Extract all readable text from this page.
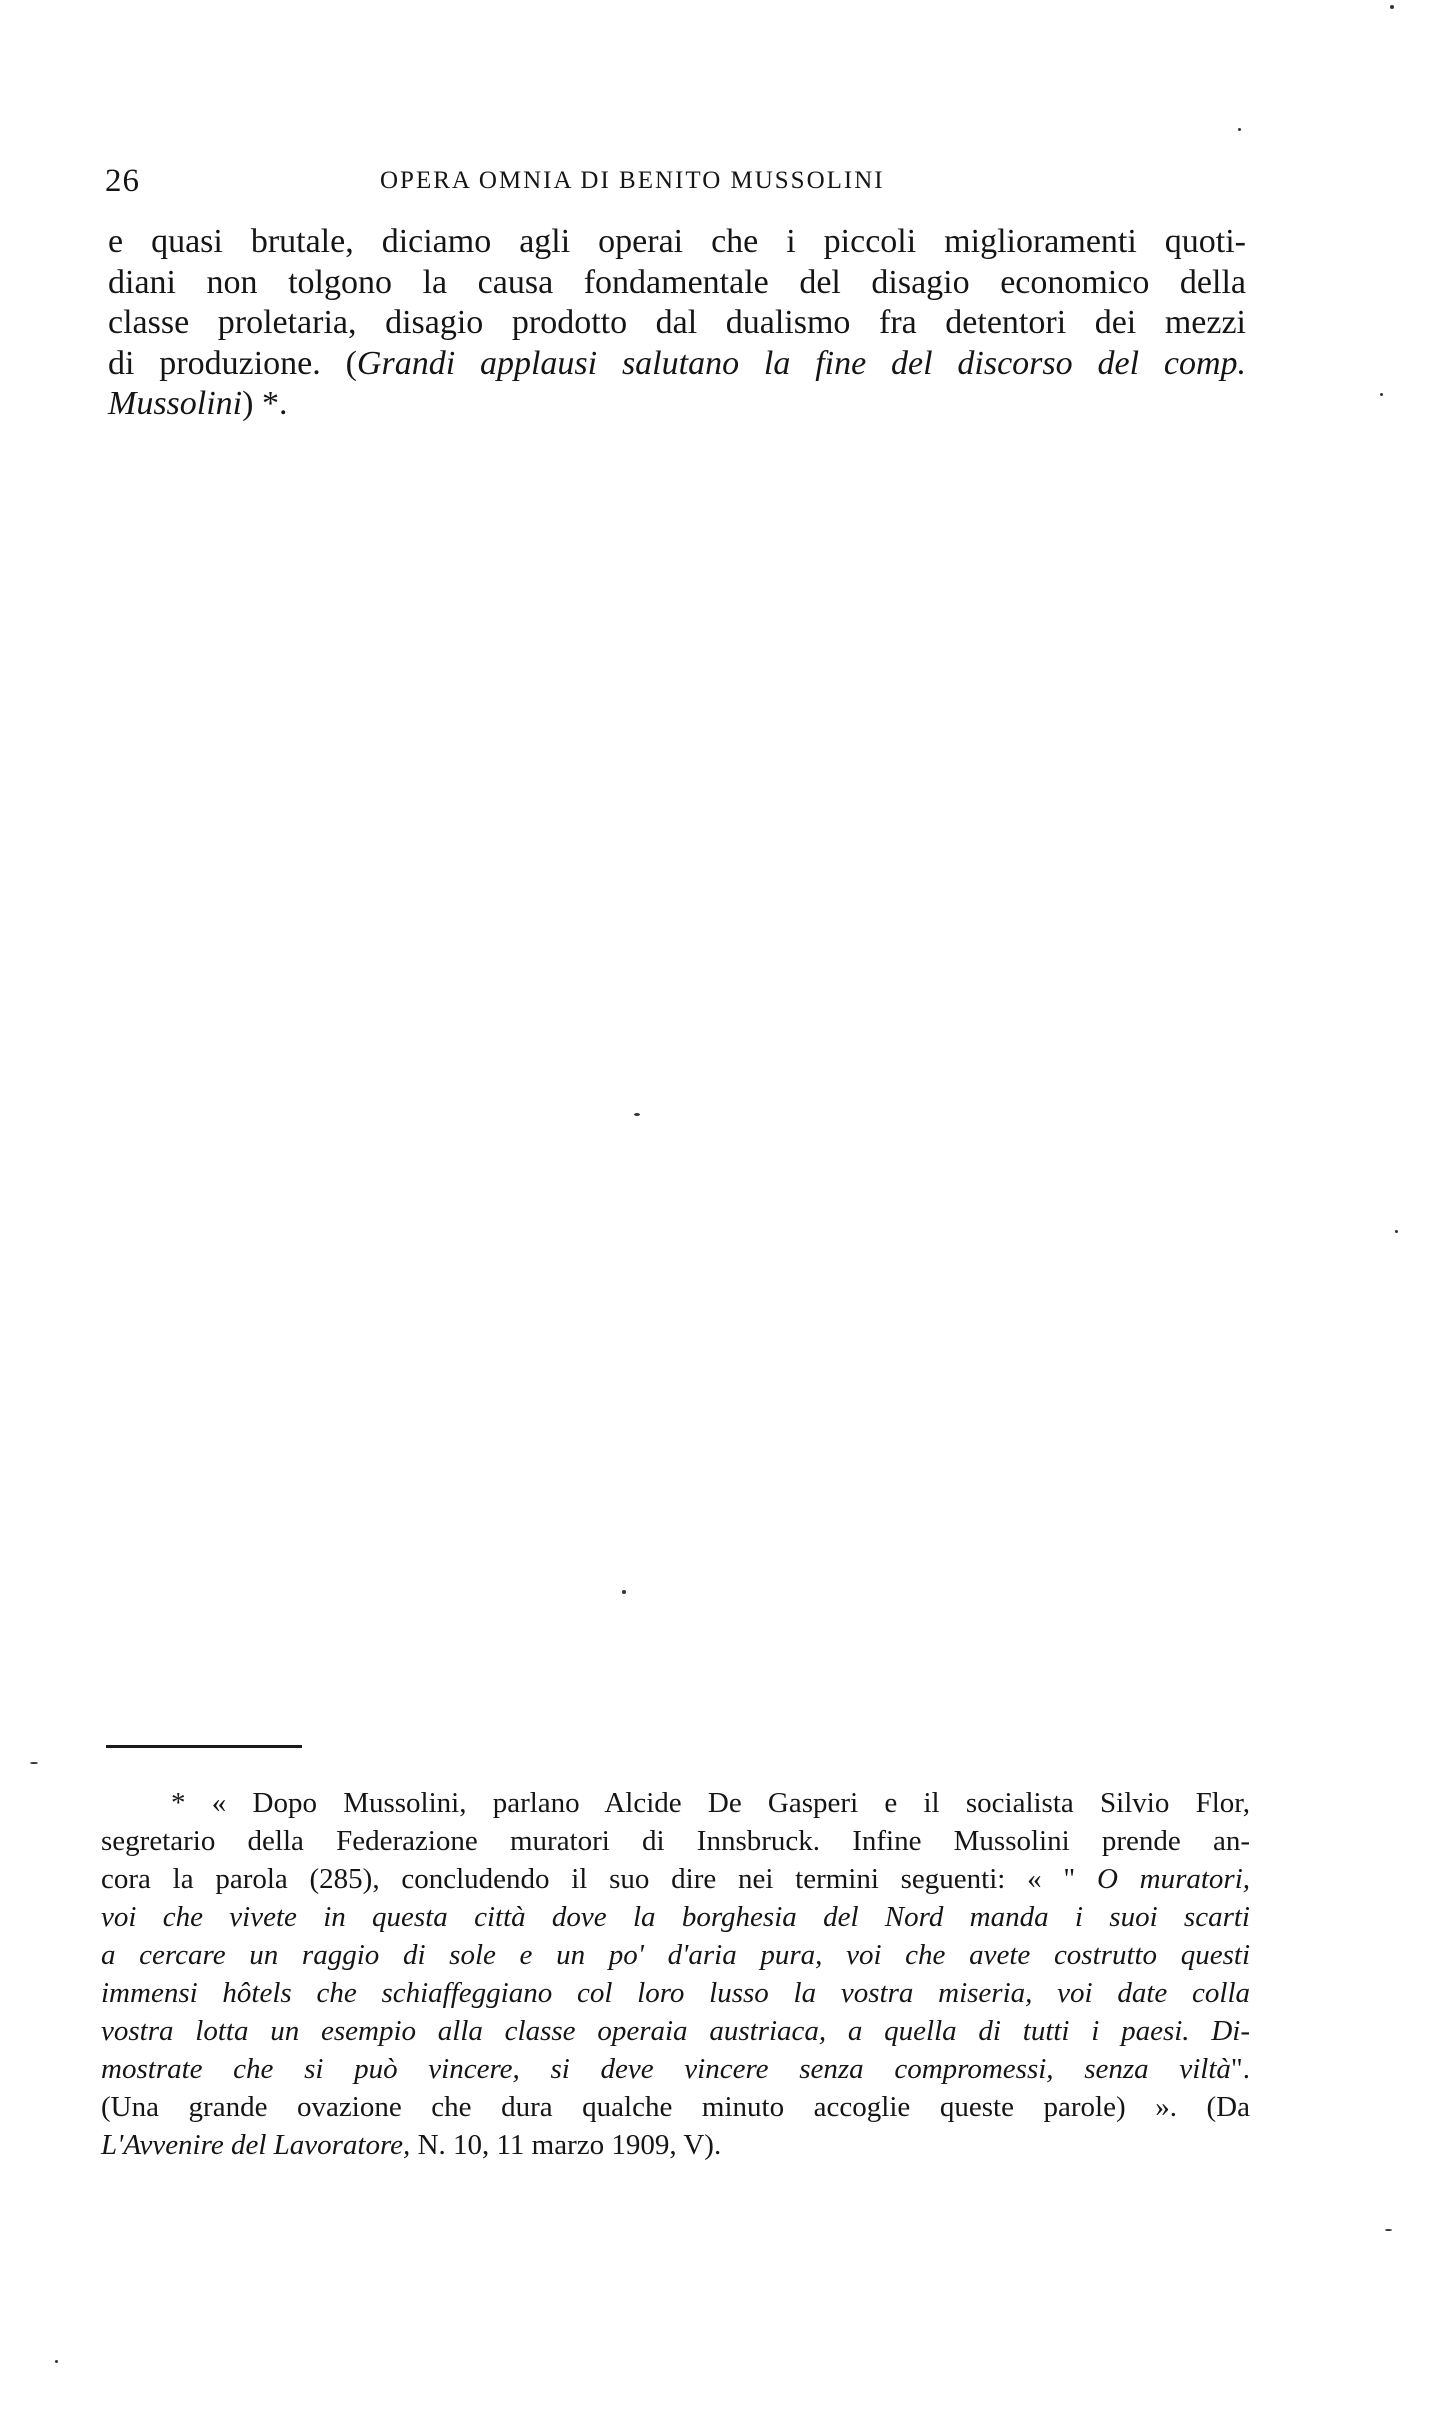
26	OPERA OMNIA DI BENITO MUSSOLINI
e quasi brutale, diciamo agli operai che i piccoli miglioramenti quoti-
diani non tolgono la causa fondamentale del disagio economico della
classe proletaria, disagio prodotto dal dualismo fra detentori dei mezzi
di produzione. (Grandi applausi salutano la fine del discorso del comp.
Mussolini) *.
* « Dopo Mussolini, parlano Alcide De Gasperi e il socialista Silvio Flor,
segretario della Federazione muratori di Innsbruck. Infine Mussolini prende an-
cora la parola (285), concludendo il suo dire nei termini seguenti: « " O muratori,
voi che vivete in questa città dove la borghesia del Nord manda i suoi scarti
a cercare un raggio di sole e un po' d'aria pura, voi che avete costrutto questi
immensi hôtels che schiaffeggiano col loro lusso la vostra miseria, voi date colla
vostra lotta un esempio alla classe operaia austriaca, a quella di tutti i paesi. Di-
mostrate che si può vincere, si deve vincere senza compromessi, senza viltà".
(Una grande ovazione che dura qualche minuto accoglie queste parole) ». (Da
L'Avvenire del Lavoratore, N. 10, 11 marzo 1909, V).
